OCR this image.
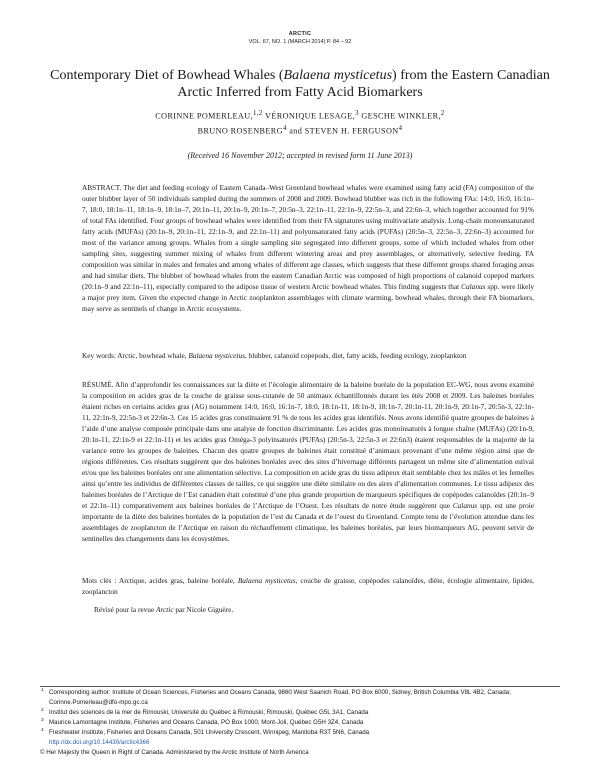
ARCTIC
VOL. 67, NO. 1 (MARCH 2014) P. 84 – 92
Contemporary Diet of Bowhead Whales (Balaena mysticetus) from the Eastern Canadian Arctic Inferred from Fatty Acid Biomarkers
CORINNE POMERLEAU,$^{1,2}$ VÉRONIQUE LESAGE,$^3$ GESCHE WINKLER,$^2$
BRUNO ROSENBERG$^4$ and STEVEN H. FERGUSON$^4$
(Received 16 November 2012; accepted in revised form 11 June 2013)
ABSTRACT. The diet and feeding ecology of Eastern Canada–West Greenland bowhead whales were examined using fatty acid (FA) composition of the outer blubber layer of 50 individuals sampled during the summers of 2008 and 2009. Bowhead blubber was rich in the following FAs: 14:0, 16:0, 16:1n–7, 18:0, 18:1n–11, 18:1n–9, 18:1n–7, 20:1n–11, 20:1n–9, 20:1n–7, 20:5n–3, 22:1n–11, 22:1n–9, 22:5n–3, and 22:6n–3, which together accounted for 91% of total FAs identified. Four groups of bowhead whales were identified from their FA signatures using multivariate analysis. Long-chain monounsaturated fatty acids (MUFAs) (20:1n–9, 20:1n–11, 22:1n–9, and 22:1n–11) and polyunsaturated fatty acids (PUFAs) (20:5n–3, 22:5n–3, 22:6n–3) accounted for most of the variance among groups. Whales from a single sampling site segregated into different groups, some of which included whales from other sampling sites, suggesting summer mixing of whales from different wintering areas and prey assemblages, or alternatively, selective feeding. FA composition was similar in males and females and among whales of different age classes, which suggests that these different groups shared foraging areas and had similar diets. The blubber of bowhead whales from the eastern Canadian Arctic was composed of high proportions of calanoid copepod markers (20:1n–9 and 22:1n–11), especially compared to the adipose tissue of western Arctic bowhead whales. This finding suggests that Calanus spp. were likely a major prey item. Given the expected change in Arctic zooplankton assemblages with climate warming, bowhead whales, through their FA biomarkers, may serve as sentinels of change in Arctic ecosystems.
Key words: Arctic, bowhead whale, Balaena mysticetus, blubber, calanoid copepods, diet, fatty acids, feeding ecology, zooplankton
RÉSUMÉ. Afin d’approfondir les connaissances sur la diète et l’écologie alimentaire de la baleine boréale de la population EC-WG, nous avons examiné la composition en acides gras de la couche de graisse sous-cutanée de 50 animaux échantillonnés durant les étés 2008 et 2009. Les baleines boréales étaient riches en certains acides gras (AG) notamment 14:0, 16:0, 16:1n-7, 18:0, 18:1n-11, 18:1n-9, 18:1n-7, 20:1n-11, 20:1n-9, 20:1n-7, 20:5n-3, 22:1n-11, 22:1n-9, 22:5n-3 et 22:6n-3. Ces 15 acides gras constituaient 91 % de tous les acides gras identifiés. Nous avons identifié quatre groupes de baleines à l’aide d’une analyse composée principale dans une analyse de fonction discriminante. Les acides gras monoinsaturés à longue chaîne (MUFAs) (20:1n-9, 20:1n-11, 22:1n-9 et 22:1n-11) et les acides gras Oméga-3 polyinsaturés (PUFAs) (20:5n-3, 22:5n-3 et 22:6n3) étaient responsables de la majorité de la variance entre les groupes de baleines. Chacun des quatre groupes de baleines était constitué d’animaux provenant d’une même région ainsi que de régions différentes. Ces résultats suggèrent que des baleines boréales avec des sites d’hivernage différents partagent un même site d’alimentation estival et/ou que les baleines boréales ont une alimentation sélective. La composition en acide gras du tissu adipeux était semblable chez les mâles et les femelles ainsi qu’entre les individus de différentes classes de tailles, ce qui suggère une diète similaire ou des aires d’alimentation communes. Le tissu adipeux des baleines boréales de l’Arctique de l’Est canadien était constitué d’une plus grande proportion de marqueurs spécifiques de copépodes calanoïdes (20:1n–9 et 22:1n–11) comparativement aux baleines boréales de l’Arctique de l’Ouest. Les résultats de notre étude suggèrent que Calanus spp. est une proie importante de la diète des baleines boréales de la population de l’est du Canada et de l’ouest du Groenland. Compte tenu de l’évolution attendue dans les assemblages de zooplancton de l’Arctique en raison du réchauffement climatique, les baleines boréales, par leurs biomarqueurs AG, peuvent servir de sentinelles des changements dans les écosystèmes.
Mots clés : Arctique, acides gras, baleine boréale, Balaena mysticetus, couche de graisse, copépodes calanoïdes, diète, écologie alimentaire, lipides, zooplancton
Révisé pour la revue Arctic par Nicole Giguère.
1 Corresponding author: Institute of Ocean Sciences, Fisheries and Oceans Canada, 9860 West Saanich Road, PO Box 6000, Sidney, British Columbia V8L 4B2, Canada; Corinne.Pomerleau@dfo-mpo.gc.ca
2 Institut des sciences de la mer de Rimouski, Université du Québec à Rimouski, Rimouski, Québec G5L 3A1, Canada
3 Maurice Lamontagne Institute, Fisheries and Oceans Canada, PO Box 1000, Mont-Joli, Québec G5H 3Z4, Canada
4 Freshwater Institute, Fisheries and Oceans Canada, 501 University Crescent, Winnipeg, Manitoba R3T 5N6, Canada
http://dx.doi.org/10.14430/arctic4366
© Her Majesty the Queen in Right of Canada. Administered by the Arctic Institute of North America
